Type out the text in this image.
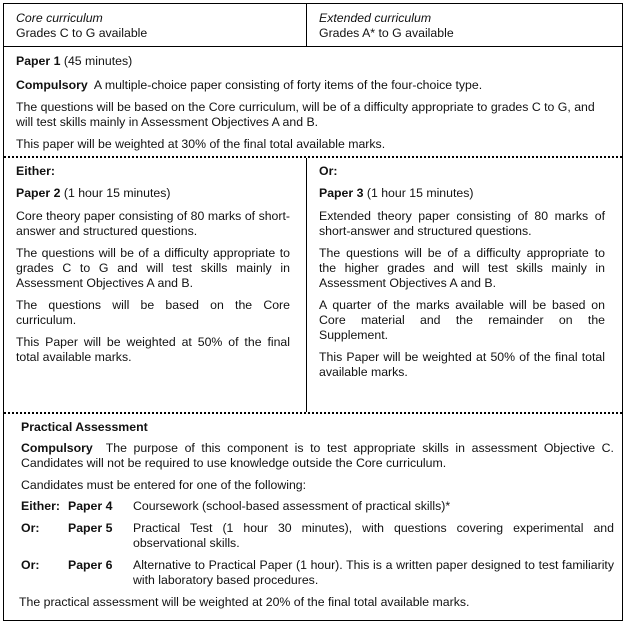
Core curriculum

Grades C to G available

Extended curriculum

Grades A* to G available

Paper 1 (45 minutes)

Compulsory A multiple-choice paper consisting of forty items of the four-choice type.

The questions will be based on the Core curriculum, will be of a difficulty appropriate to grades C to G, and will test skills mainly in Assessment Objectives A and B.

This paper will be weighted at 30% of the final total available marks.

Either:

Paper 2 (1 hour 15 minutes)

Core theory paper consisting of 80 marks of short-answer and structured questions.

The questions will be of a difficulty appropriate to grades C to G and will test skills mainly in Assessment Objectives A and B.

The questions will be based on the Core curriculum.

This Paper will be weighted at 50% of the final total available marks.

Or:

Paper 3 (1 hour 15 minutes)

Extended theory paper consisting of 80 marks of short-answer and structured questions.

The questions will be of a difficulty appropriate to the higher grades and will test skills mainly in Assessment Objectives A and B.

A quarter of the marks available will be based on Core material and the remainder on the Supplement.

This Paper will be weighted at 50% of the final total available marks.

Practical Assessment

Compulsory The purpose of this component is to test appropriate skills in assessment Objective C. Candidates will not be required to use knowledge outside the Core curriculum.

Candidates must be entered for one of the following:

Either: Paper 4 Coursework (school-based assessment of practical skills)*

Or: Paper 5 Practical Test (1 hour 30 minutes), with questions covering experimental and observational skills.

Or: Paper 6 Alternative to Practical Paper (1 hour). This is a written paper designed to test familiarity with laboratory based procedures.

The practical assessment will be weighted at 20% of the final total available marks.
